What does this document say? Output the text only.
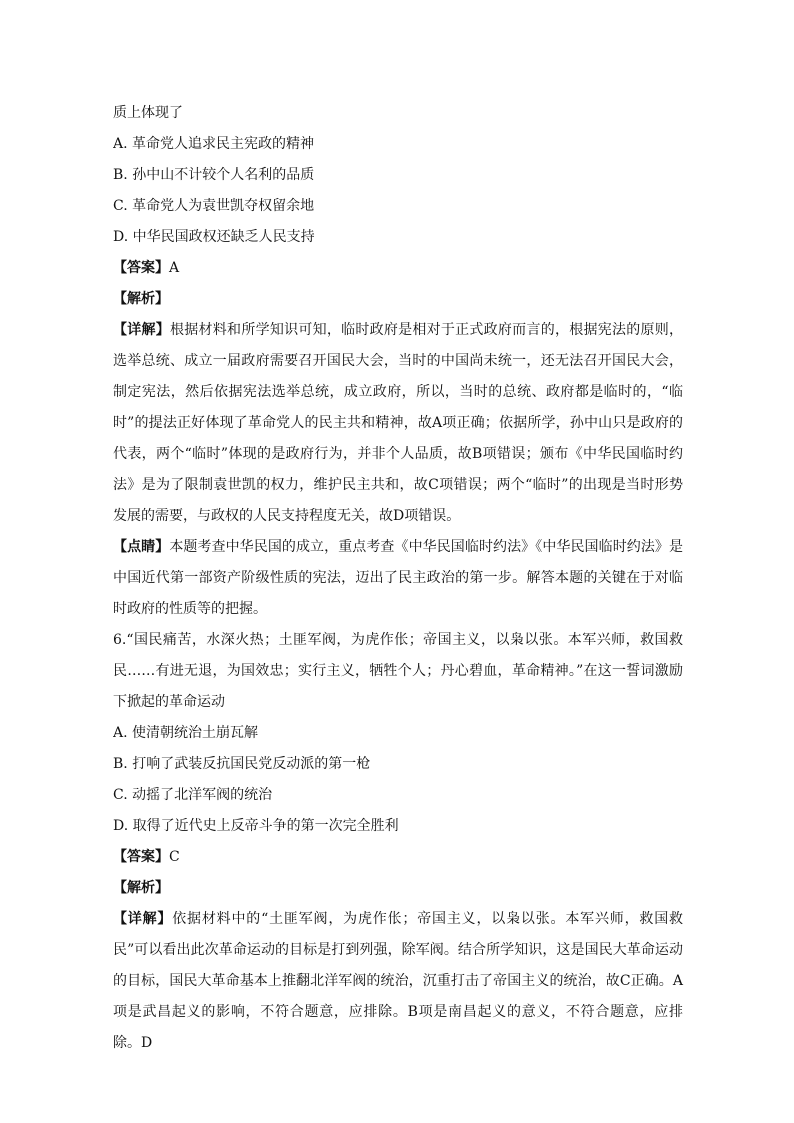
质上体现了
A. 革命党人追求民主宪政的精神
B. 孙中山不计较个人名利的品质
C. 革命党人为袁世凯夺权留余地
D. 中华民国政权还缺乏人民支持
【答案】A
【解析】
【详解】根据材料和所学知识可知，临时政府是相对于正式政府而言的，根据宪法的原则，选举总统、成立一届政府需要召开国民大会，当时的中国尚未统一，还无法召开国民大会，制定宪法，然后依据宪法选举总统，成立政府，所以，当时的总统、政府都是临时的，“临时”的提法正好体现了革命党人的民主共和精神，故A项正确；依据所学，孙中山只是政府的代表，两个“临时”体现的是政府行为，并非个人品质，故B项错误；颁布《中华民国临时约法》是为了限制袁世凯的权力，维护民主共和，故C项错误；两个“临时”的出现是当时形势发展的需要，与政权的人民支持程度无关，故D项错误。
【点睛】本题考查中华民国的成立，重点考查《中华民国临时约法》《中华民国临时约法》是中国近代第一部资产阶级性质的宪法，迈出了民主政治的第一步。解答本题的关键在于对临时政府的性质等的把握。
6.“国民痛苦，水深火热；土匪军阀，为虎作伥；帝国主义，以枭以张。本军兴师，救国救民……有进无退，为国效忠；实行主义，牺牲个人；丹心碧血，革命精神。”在这一誓词激励下掀起的革命运动
A. 使清朝统治土崩瓦解
B. 打响了武装反抗国民党反动派的第一枪
C. 动摇了北洋军阀的统治
D. 取得了近代史上反帝斗争的第一次完全胜利
【答案】C
【解析】
【详解】依据材料中的“土匪军阀，为虎作伥；帝国主义，以枭以张。本军兴师，救国救民”可以看出此次革命运动的目标是打到列强，除军阀。结合所学知识，这是国民大革命运动的目标，国民大革命基本上推翻北洋军阀的统治，沉重打击了帝国主义的统治，故C正确。A项是武昌起义的影响，不符合题意，应排除。B项是南昌起义的意义，不符合题意，应排除。D
